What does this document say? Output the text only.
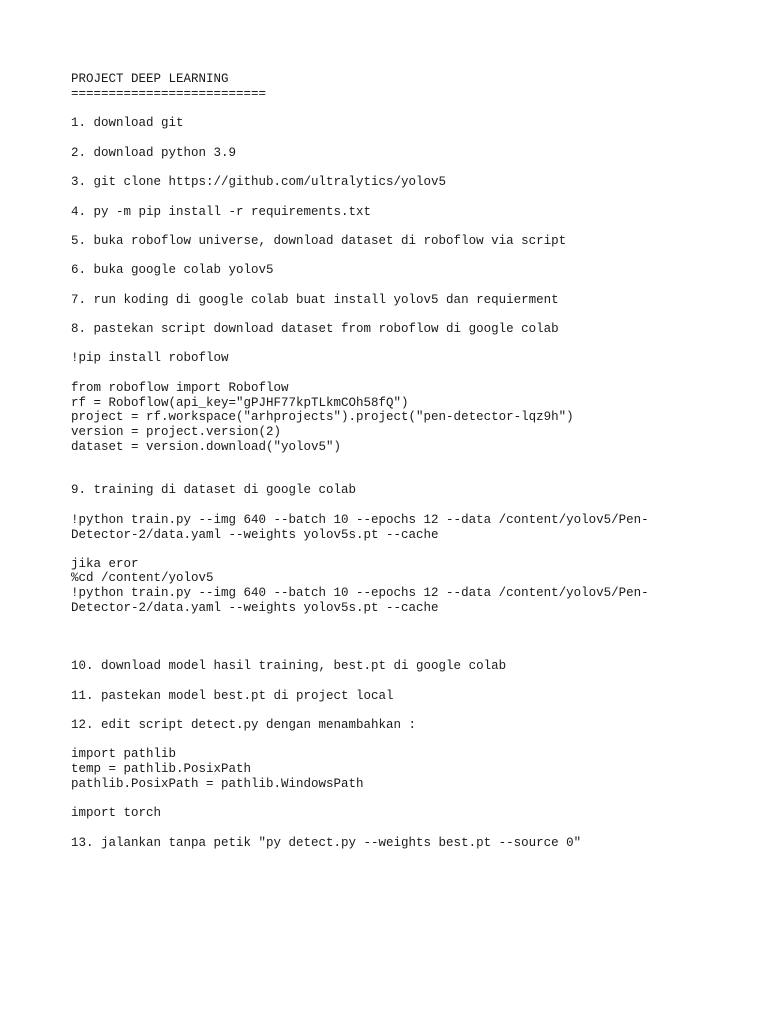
PROJECT DEEP LEARNING

==========================

1. download git

2. download python 3.9

3. git clone https://github.com/ultralytics/yolov5

4. py -m pip install -r requirements.txt

5. buka roboflow universe, download dataset di roboflow via script

6. buka google colab yolov5

7. run koding di google colab buat install yolov5 dan requierment

8. pastekan script download dataset from roboflow di google colab

!pip install roboflow

from roboflow import Roboflow

rf = Roboflow(api_key="gPJHF77kpTLkmCOh58fQ")

project = rf.workspace("arhprojects").project("pen-detector-lqz9h")

version = project.version(2)

dataset = version.download("yolov5")

9. training di dataset di google colab

!python train.py --img 640 --batch 10 --epochs 12 --data /content/yolov5/Pen-

Detector-2/data.yaml --weights yolov5s.pt --cache

jika eror

%cd /content/yolov5

!python train.py --img 640 --batch 10 --epochs 12 --data /content/yolov5/Pen-

Detector-2/data.yaml --weights yolov5s.pt --cache

10. download model hasil training, best.pt di google colab

11. pastekan model best.pt di project local

12. edit script detect.py dengan menambahkan :

import pathlib

temp = pathlib.PosixPath

pathlib.PosixPath = pathlib.WindowsPath

import torch

13. jalankan tanpa petik "py detect.py --weights best.pt --source 0"
